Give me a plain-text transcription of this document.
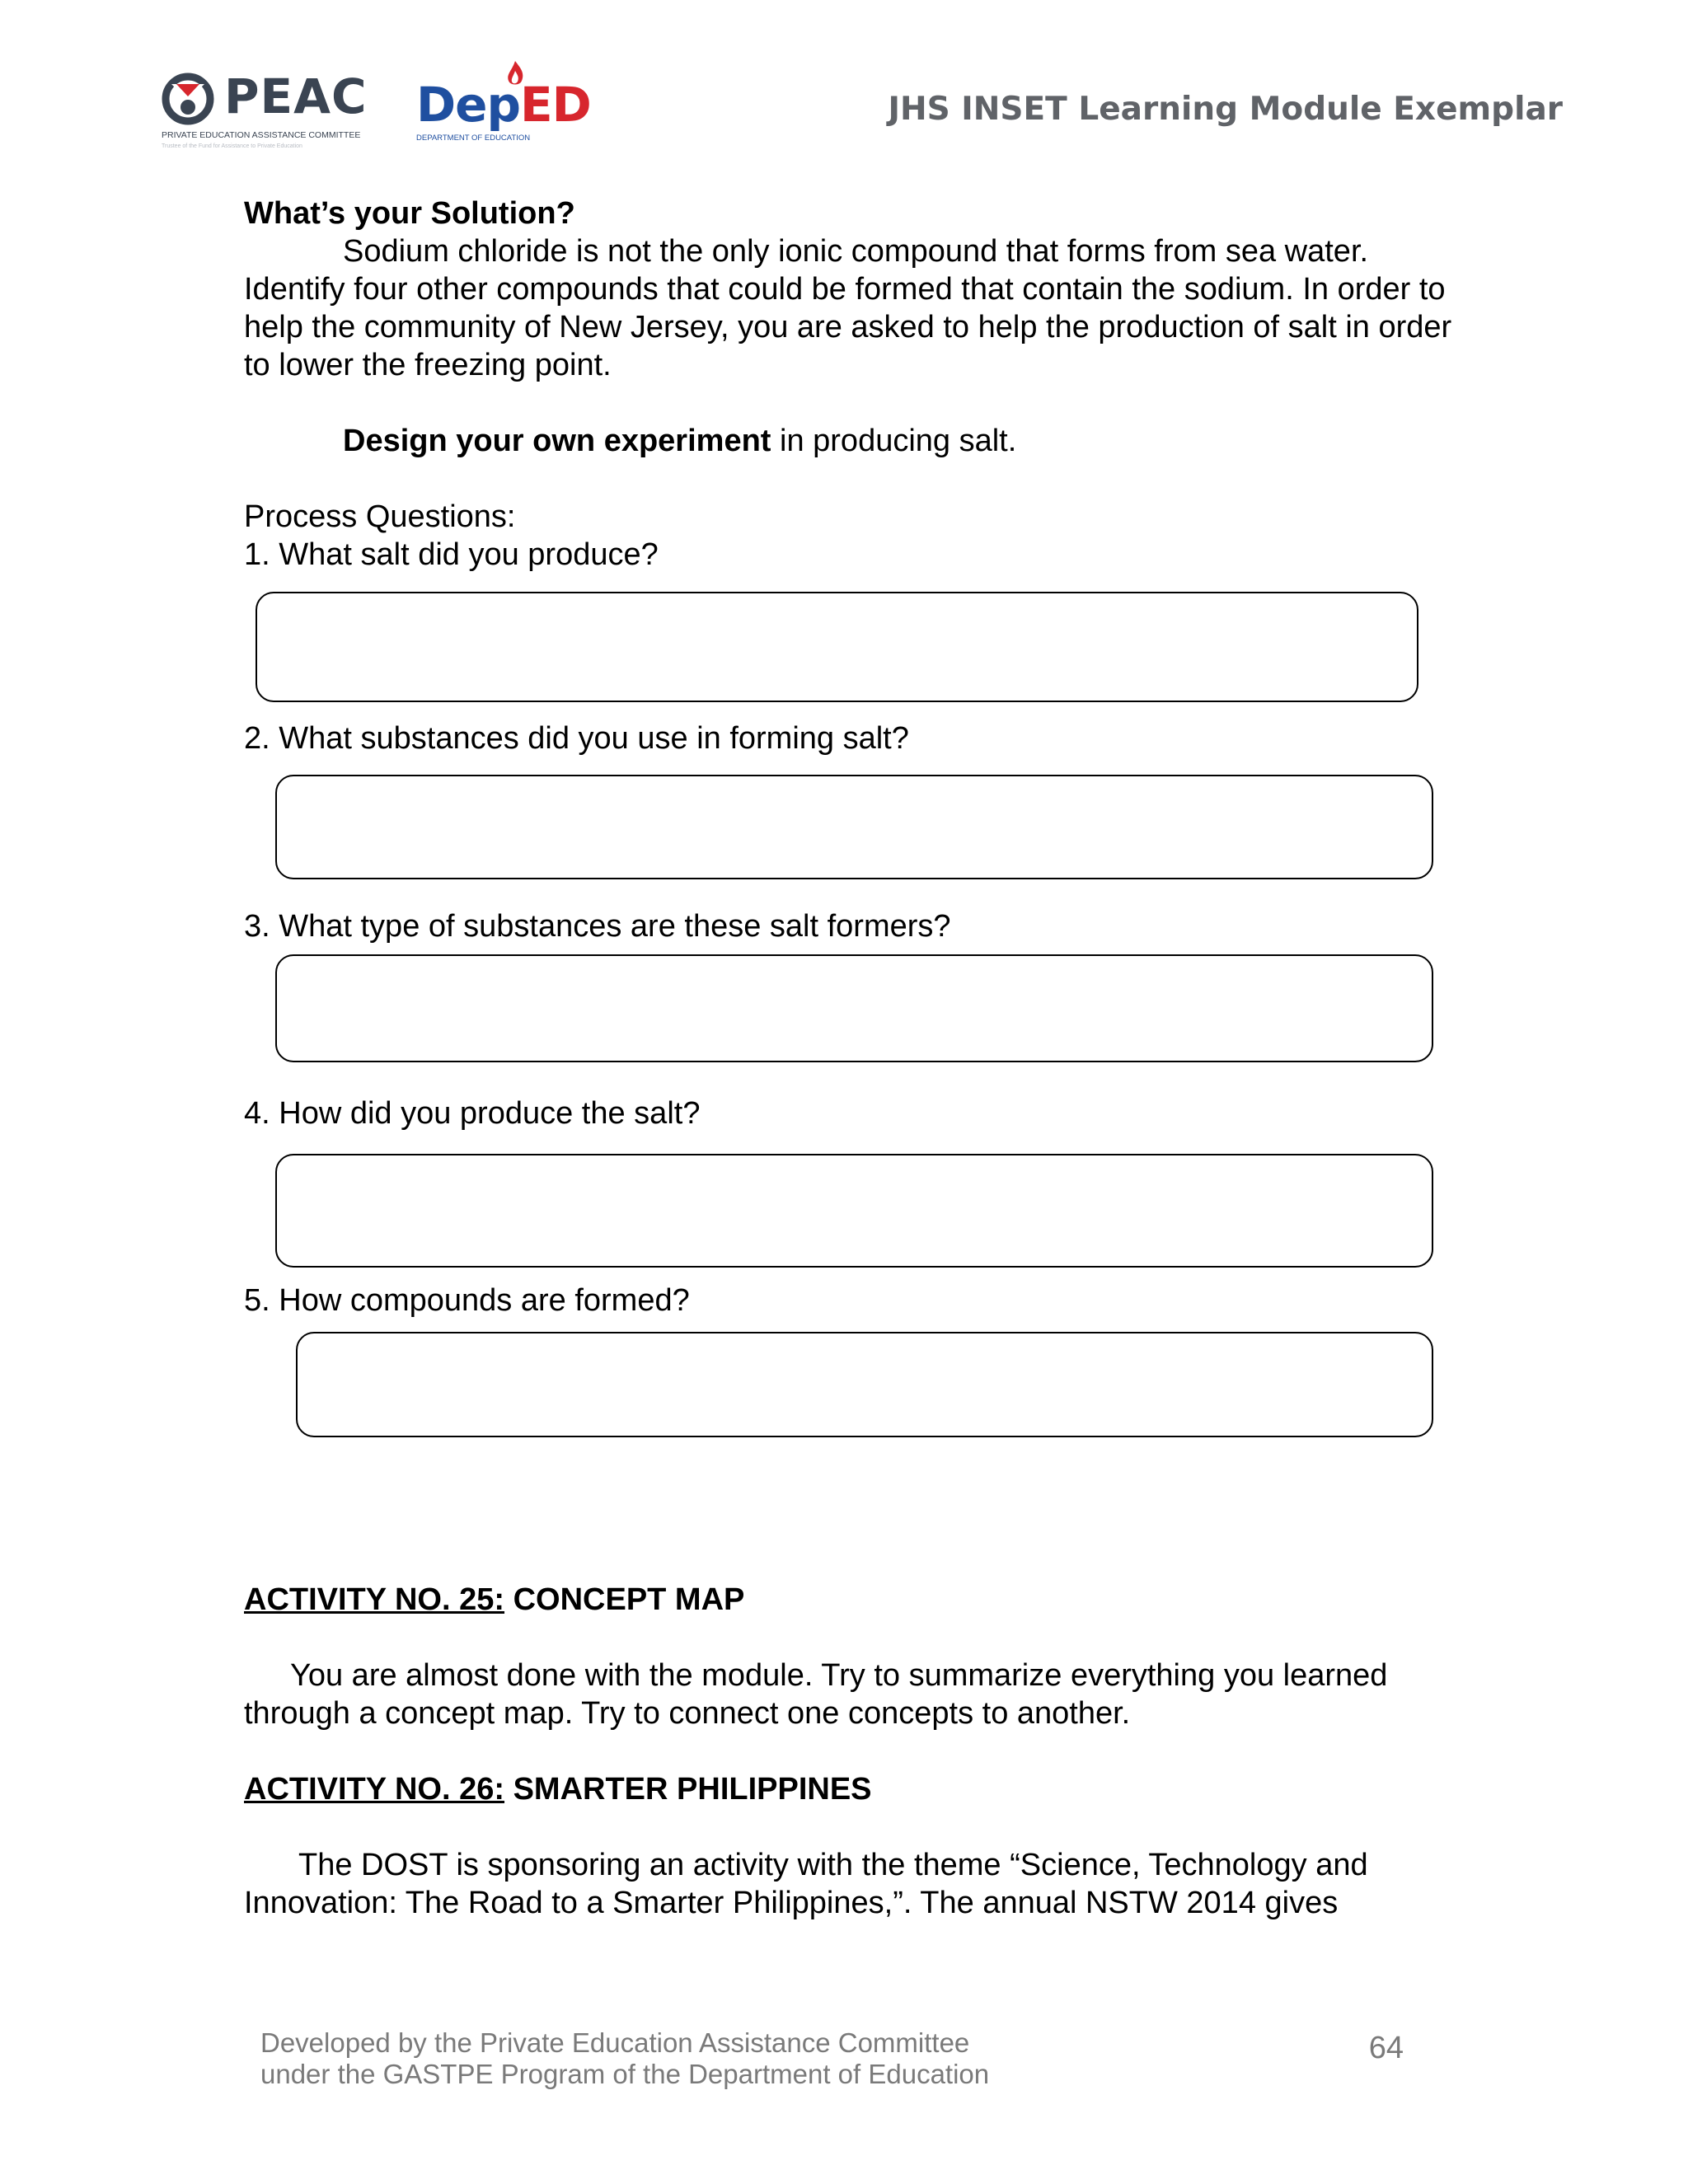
PEAC
PRIVATE EDUCATION ASSISTANCE COMMITTEE
Trustee of the Fund for Assistance to Private Education
DepED
DEPARTMENT OF EDUCATION
JHS INSET Learning Module Exemplar

What’s your Solution?

Sodium chloride is not the only ionic compound that forms from sea water. Identify four other compounds that could be formed that contain the sodium. In order to help the community of New Jersey, you are asked to help the production of salt in order to lower the freezing point.

Design your own experiment in producing salt.

Process Questions:

1. What salt did you produce?
2. What substances did you use in forming salt?
3. What type of substances are these salt formers?
4. How did you produce the salt?
5. How compounds are formed?

ACTIVITY NO. 25: CONCEPT MAP

You are almost done with the module. Try to summarize everything you learned through a concept map. Try to connect one concepts to another.

ACTIVITY NO. 26: SMARTER PHILIPPINES

The DOST is sponsoring an activity with the theme “Science, Technology and Innovation: The Road to a Smarter Philippines,”. The annual NSTW 2014 gives

Developed by the Private Education Assistance Committee
under the GASTPE Program of the Department of Education
64
